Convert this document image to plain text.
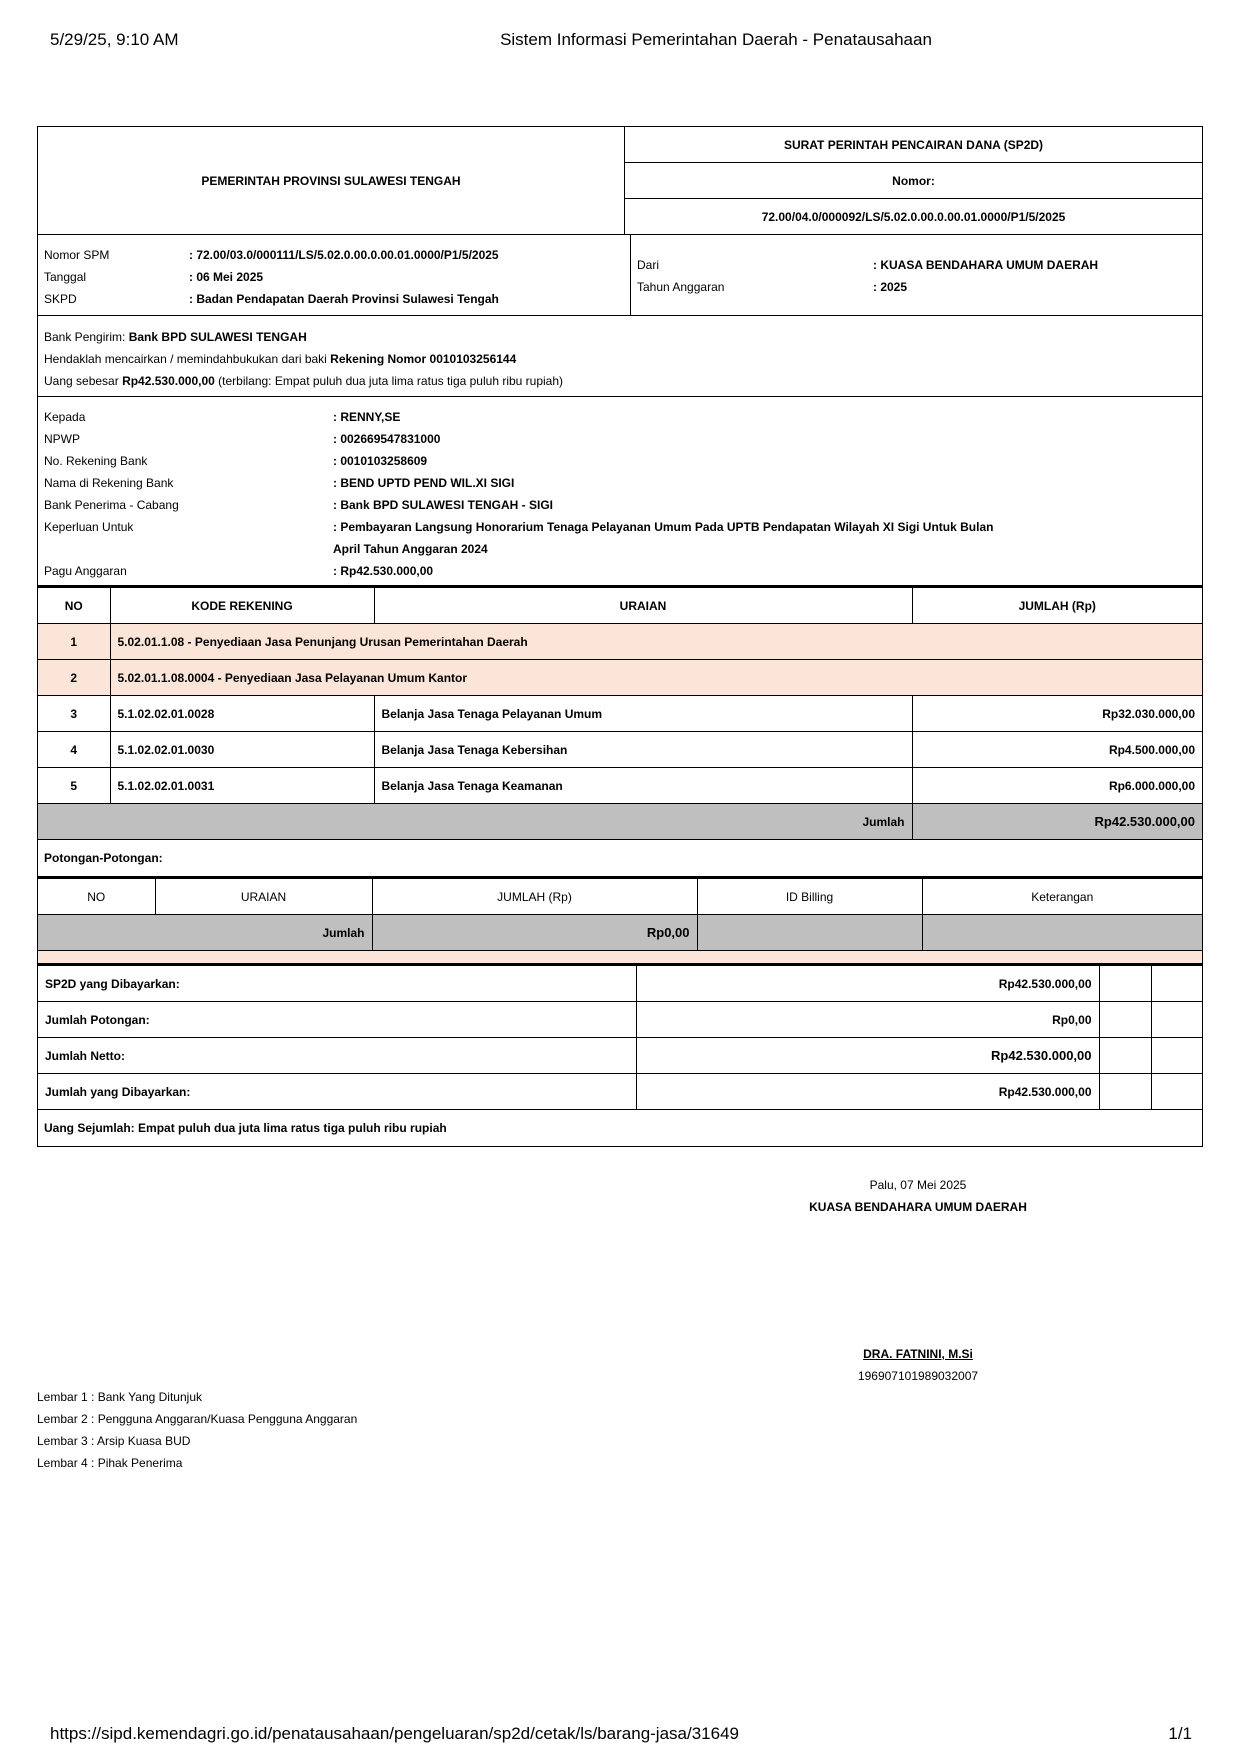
5/29/25, 9:10 AM	Sistem Informasi Pemerintahan Daerah - Penatausahaan
PEMERINTAH PROVINSI SULAWESI TENGAH
SURAT PERINTAH PENCAIRAN DANA (SP2D)
Nomor:
72.00/04.0/000092/LS/5.02.0.00.0.00.01.0000/P1/5/2025
Nomor SPM	: 72.00/03.0/000111/LS/5.02.0.00.0.00.01.0000/P1/5/2025
Tanggal	: 06 Mei 2025
SKPD	: Badan Pendapatan Daerah Provinsi Sulawesi Tengah
Dari	: KUASA BENDAHARA UMUM DAERAH
Tahun Anggaran	: 2025
Bank Pengirim:
Bank BPD SULAWESI TENGAH
Hendaklah mencairkan / memindahbukukan dari baki
Rekening Nomor 0010103256144
Uang sebesar
Rp42.530.000,00
(terbilang: Empat puluh dua juta lima ratus tiga puluh ribu rupiah)
Kepada	: RENNY,SE
NPWP	: 002669547831000
No. Rekening Bank	: 0010103258609
Nama di Rekening Bank	: BEND UPTD PEND WIL.XI SIGI
Bank Penerima - Cabang	: Bank BPD SULAWESI TENGAH - SIGI
Keperluan Untuk	: Pembayaran Langsung Honorarium Tenaga Pelayanan Umum Pada UPTB Pendapatan Wilayah XI Sigi Untuk Bulan
April Tahun Anggaran 2024
Pagu Anggaran	: Rp42.530.000,00
NO	KODE REKENING	URAIAN	JUMLAH (Rp)
1	5.02.01.1.08 - Penyediaan Jasa Penunjang Urusan Pemerintahan Daerah		
2	5.02.01.1.08.0004 - Penyediaan Jasa Pelayanan Umum Kantor		
3	5.1.02.02.01.0028	Belanja Jasa Tenaga Pelayanan Umum	Rp32.030.000,00
4	5.1.02.02.01.0030	Belanja Jasa Tenaga Kebersihan	Rp4.500.000,00
5	5.1.02.02.01.0031	Belanja Jasa Tenaga Keamanan	Rp6.000.000,00
Jumlah			Rp42.530.000,00
Potongan-Potongan:
NO	URAIAN	JUMLAH (Rp)	ID Billing	Keterangan
Jumlah		Rp0,00		
SP2D yang Dibayarkan:	Rp42.530.000,00		
Jumlah Potongan:	Rp0,00		
Jumlah Netto:	Rp42.530.000,00		
Jumlah yang Dibayarkan:	Rp42.530.000,00		
Uang Sejumlah: Empat puluh dua juta lima ratus tiga puluh ribu rupiah
Palu, 07 Mei 2025
KUASA BENDAHARA UMUM DAERAH
DRA. FATNINI, M.Si
196907101989032007
Lembar 1 : Bank Yang Ditunjuk
Lembar 2 : Pengguna Anggaran/Kuasa Pengguna Anggaran
Lembar 3 : Arsip Kuasa BUD
Lembar 4 : Pihak Penerima
https://sipd.kemendagri.go.id/penatausahaan/pengeluaran/sp2d/cetak/ls/barang-jasa/31649	1/1
